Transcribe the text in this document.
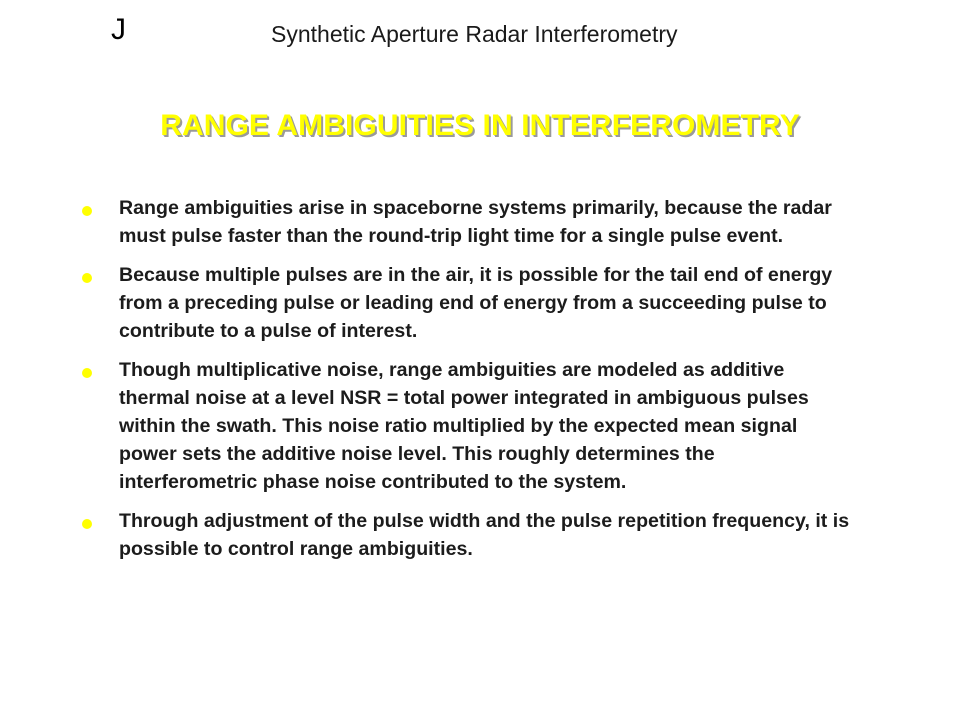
J	Synthetic Aperture Radar Interferometry
RANGE AMBIGUITIES IN INTERFEROMETRY
Range ambiguities arise in spaceborne systems primarily, because the radar must pulse faster than the round-trip light time for a single pulse event.
Because multiple pulses are in the air, it is possible for the tail end of energy from a preceding pulse or leading end of energy from a succeeding pulse to contribute to a pulse of interest.
Though multiplicative noise, range ambiguities are modeled as additive thermal noise at a level NSR = total power integrated in ambiguous pulses within the swath. This noise ratio multiplied by the expected mean signal power sets the additive noise level. This roughly determines the interferometric phase noise contributed to the system.
Through adjustment of the pulse width and the pulse repetition frequency, it is possible to control range ambiguities.
